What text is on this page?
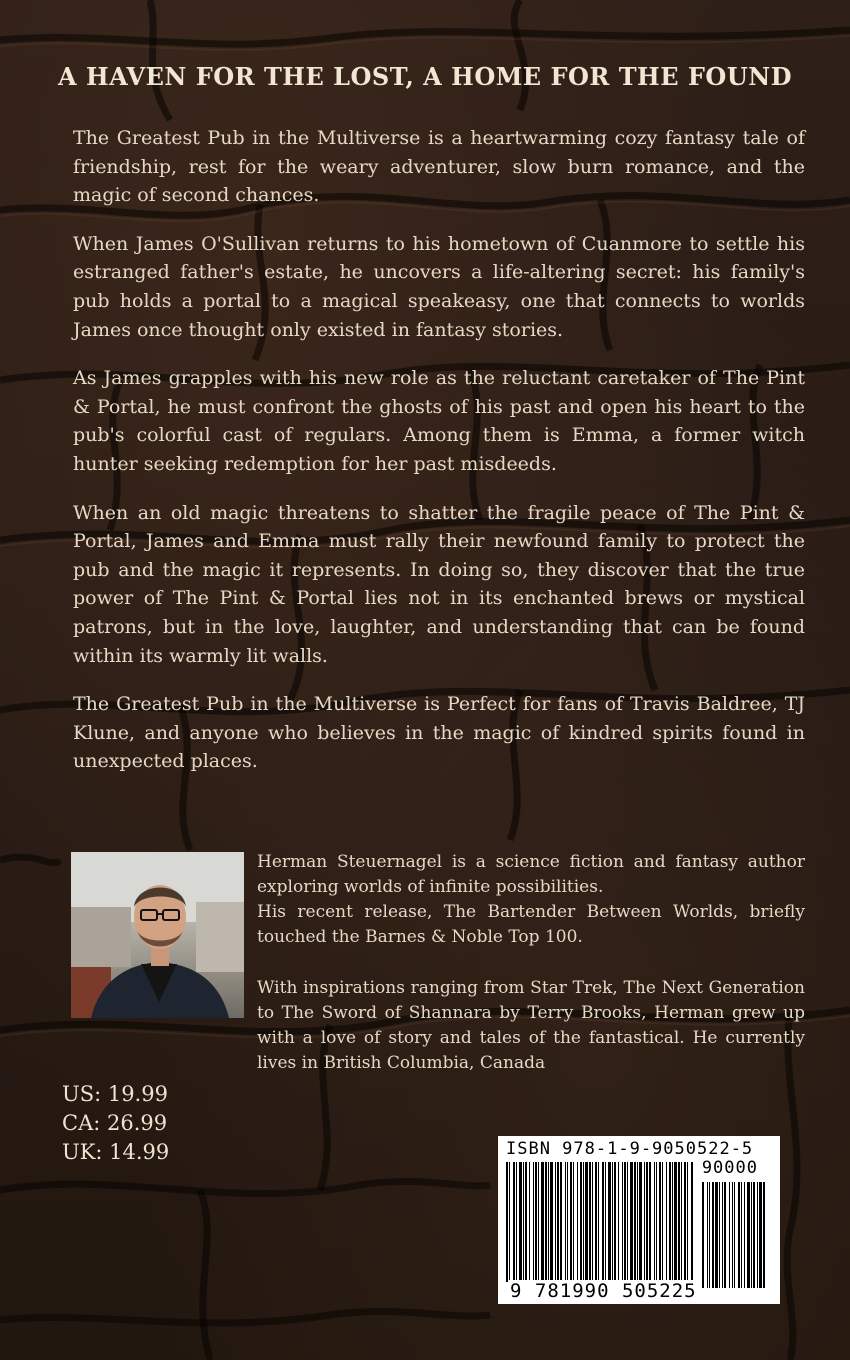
A HAVEN FOR THE LOST, A HOME FOR THE FOUND

The Greatest Pub in the Multiverse is a heartwarming cozy fantasy tale of friendship, rest for the weary adventurer, slow burn romance, and the magic of second chances.

When James O'Sullivan returns to his hometown of Cuanmore to settle his estranged father's estate, he uncovers a life-altering secret: his family's pub holds a portal to a magical speakeasy, one that connects to worlds James once thought only existed in fantasy stories.

As James grapples with his new role as the reluctant caretaker of The Pint & Portal, he must confront the ghosts of his past and open his heart to the pub's colorful cast of regulars. Among them is Emma, a former witch hunter seeking redemption for her past misdeeds.

When an old magic threatens to shatter the fragile peace of The Pint & Portal, James and Emma must rally their newfound family to protect the pub and the magic it represents. In doing so, they discover that the true power of The Pint & Portal lies not in its enchanted brews or mystical patrons, but in the love, laughter, and understanding that can be found within its warmly lit walls.

The Greatest Pub in the Multiverse is Perfect for fans of Travis Baldree, TJ Klune, and anyone who believes in the magic of kindred spirits found in unexpected places.

Herman Steuernagel is a science fiction and fantasy author exploring worlds of infinite possibilities.

His recent release, The Bartender Between Worlds, briefly touched the Barnes & Noble Top 100.

With inspirations ranging from Star Trek, The Next Generation to The Sword of Shannara by Terry Brooks, Herman grew up with a love of story and tales of the fantastical. He currently lives in British Columbia, Canada

US: 19.99
CA: 26.99
UK: 14.99	ISBN 978-1-9-9050522-5
90000
9 781990 505225
